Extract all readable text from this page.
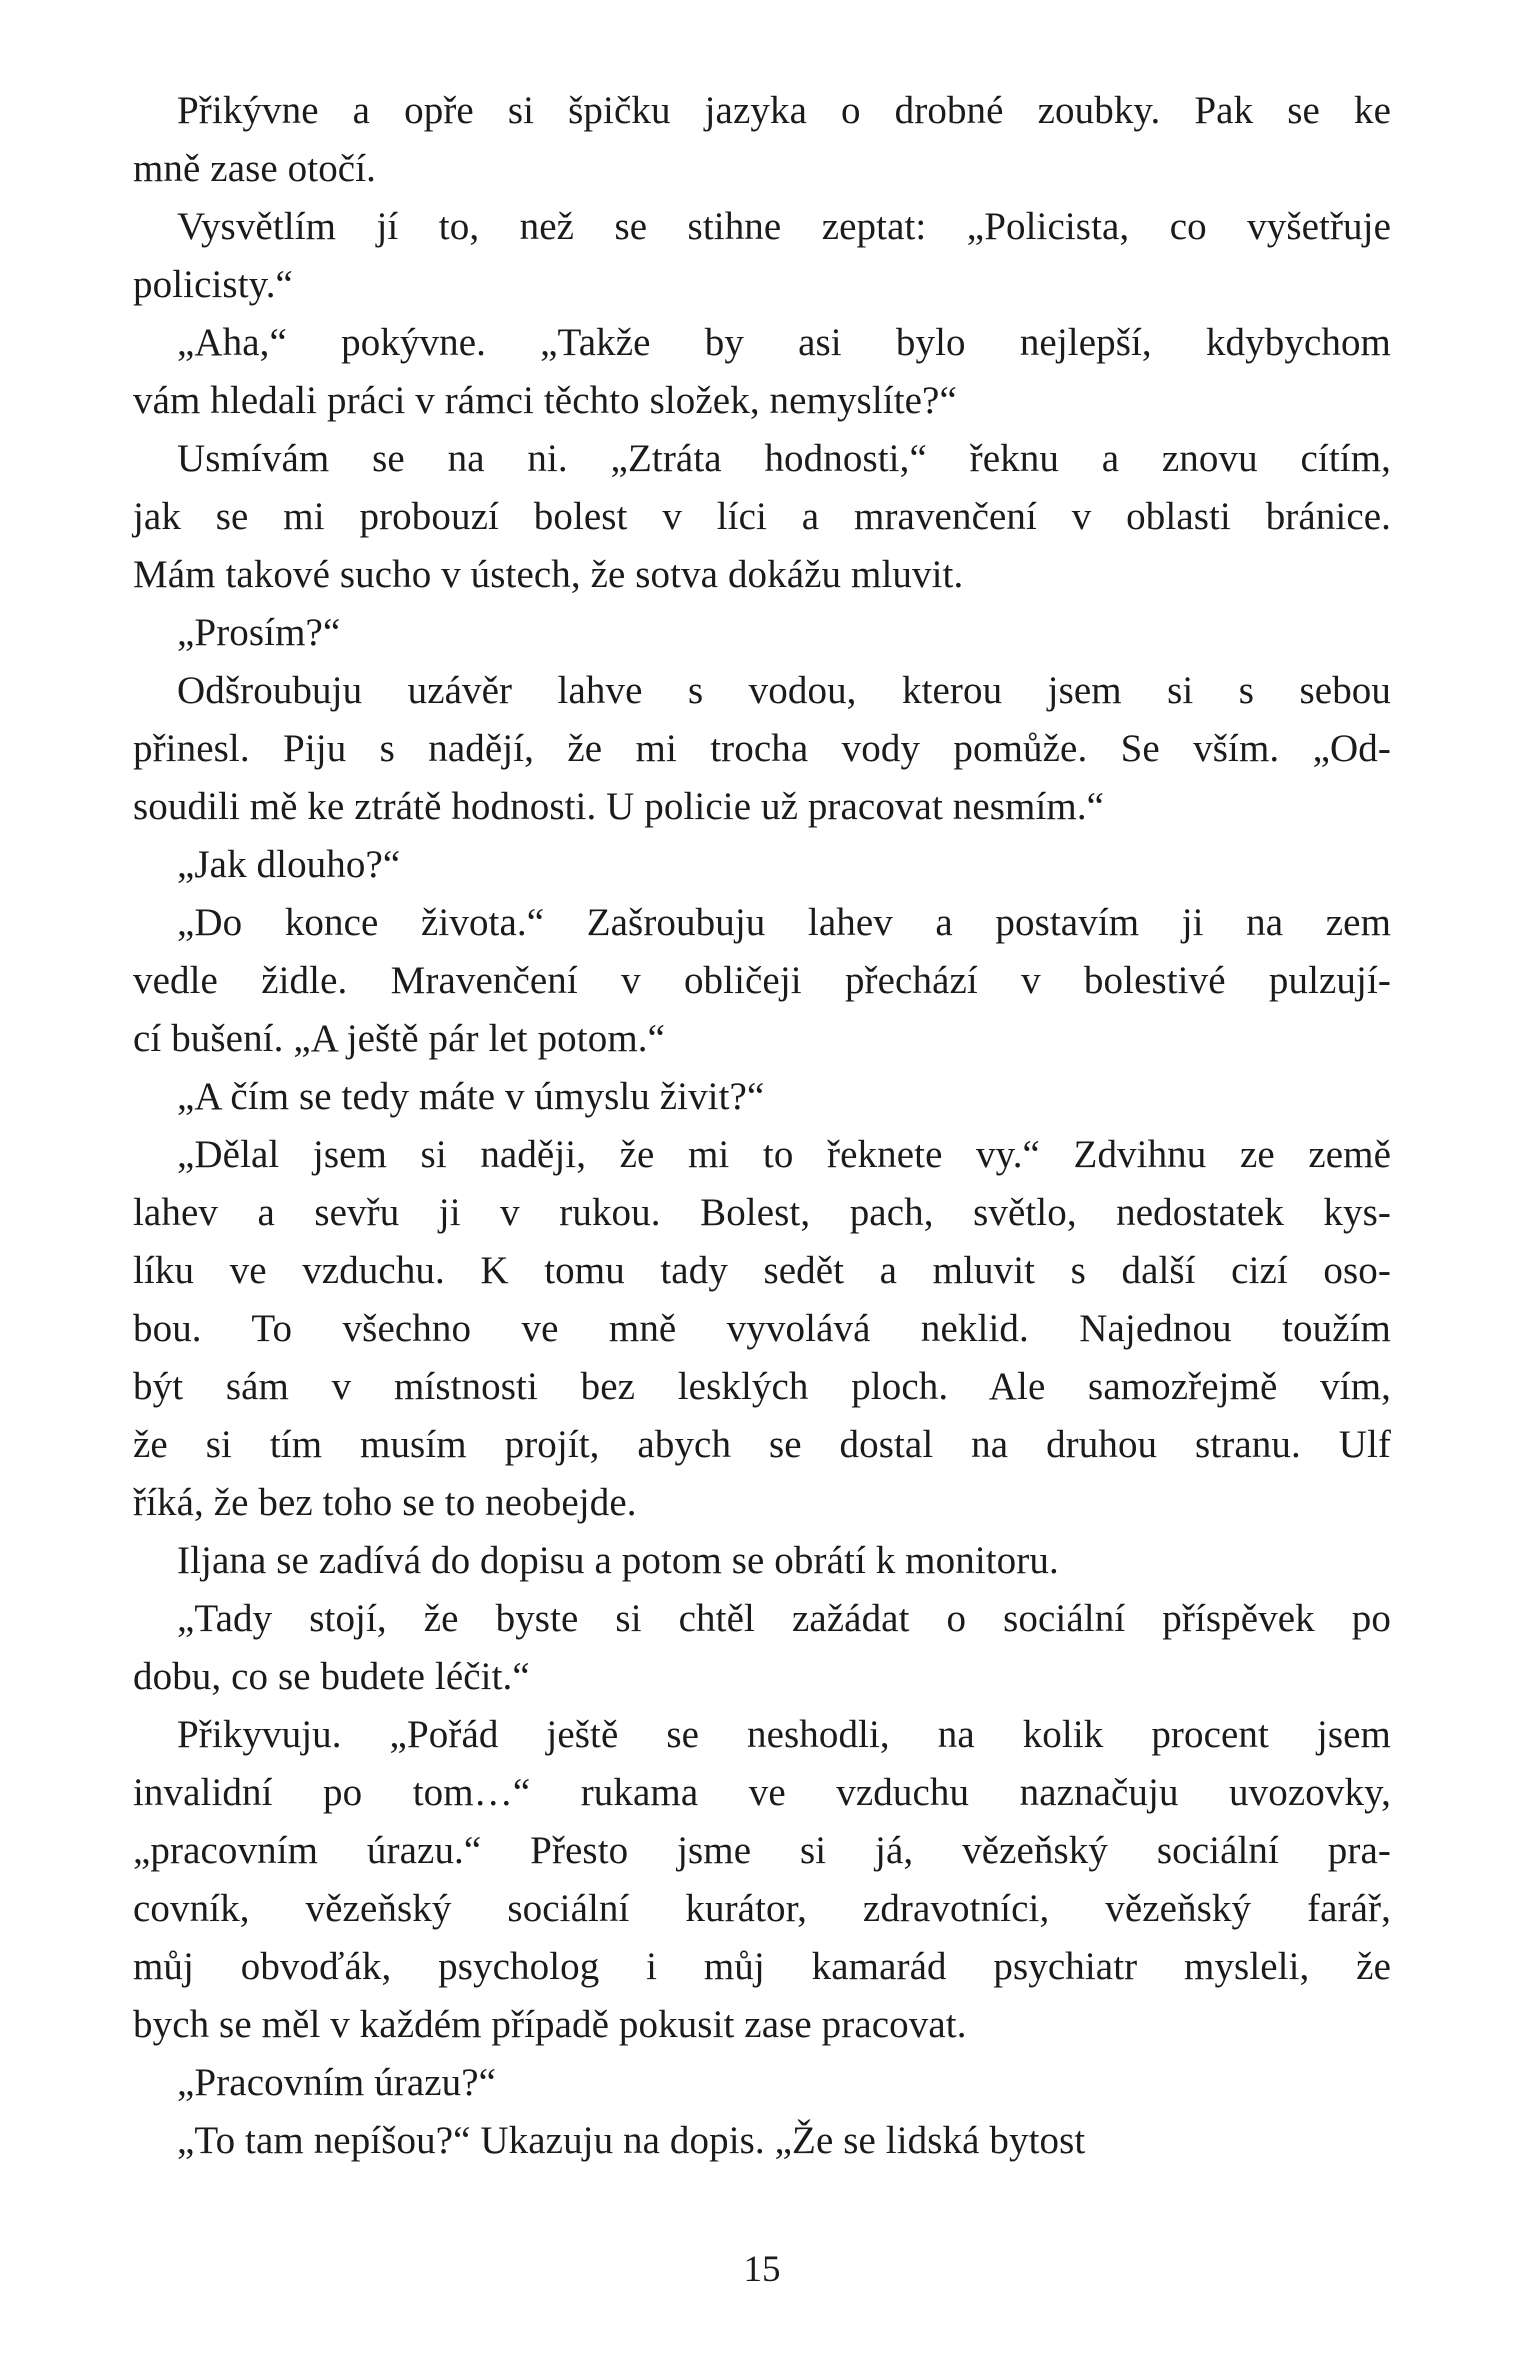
Přikývne a opře si špičku jazyka o drobné zoubky. Pak se ke
mně zase otočí.

Vysvětlím jí to, než se stihne zeptat: „Policista, co vyšetřuje
policisty.“

„Aha,“ pokývne. „Takže by asi bylo nejlepší, kdybychom
vám hledali práci v rámci těchto složek, nemyslíte?“

Usmívám se na ni. „Ztráta hodnosti,“ řeknu a znovu cítím,
jak se mi probouzí bolest v líci a mravenčení v oblasti bránice.
Mám takové sucho v ústech, že sotva dokážu mluvit.

„Prosím?“

Odšroubuju uzávěr lahve s vodou, kterou jsem si s sebou
přinesl. Piju s nadějí, že mi trocha vody pomůže. Se vším. „Od-
soudili mě ke ztrátě hodnosti. U policie už pracovat nesmím.“

„Jak dlouho?“

„Do konce života.“ Zašroubuju lahev a postavím ji na zem
vedle židle. Mravenčení v obličeji přechází v bolestivé pulzují-
cí bušení. „A ještě pár let potom.“

„A čím se tedy máte v úmyslu živit?“

„Dělal jsem si naději, že mi to řeknete vy.“ Zdvihnu ze země
lahev a sevřu ji v rukou. Bolest, pach, světlo, nedostatek kys-
líku ve vzduchu. K tomu tady sedět a mluvit s další cizí oso-
bou. To všechno ve mně vyvolává neklid. Najednou toužím
být sám v místnosti bez lesklých ploch. Ale samozřejmě vím,
že si tím musím projít, abych se dostal na druhou stranu. Ulf
říká, že bez toho se to neobejde.

Iljana se zadívá do dopisu a potom se obrátí k monitoru.

„Tady stojí, že byste si chtěl zažádat o sociální příspěvek po
dobu, co se budete léčit.“

Přikyvuju. „Pořád ještě se neshodli, na kolik procent jsem
invalidní po tom…“ rukama ve vzduchu naznačuju uvozovky,
„pracovním úrazu.“ Přesto jsme si já, vězeňský sociální pra-
covník, vězeňský sociální kurátor, zdravotníci, vězeňský farář,
můj obvoďák, psycholog i můj kamarád psychiatr mysleli, že
bych se měl v každém případě pokusit zase pracovat.

„Pracovním úrazu?“

„To tam nepíšou?“ Ukazuju na dopis. „Že se lidská bytost

15
